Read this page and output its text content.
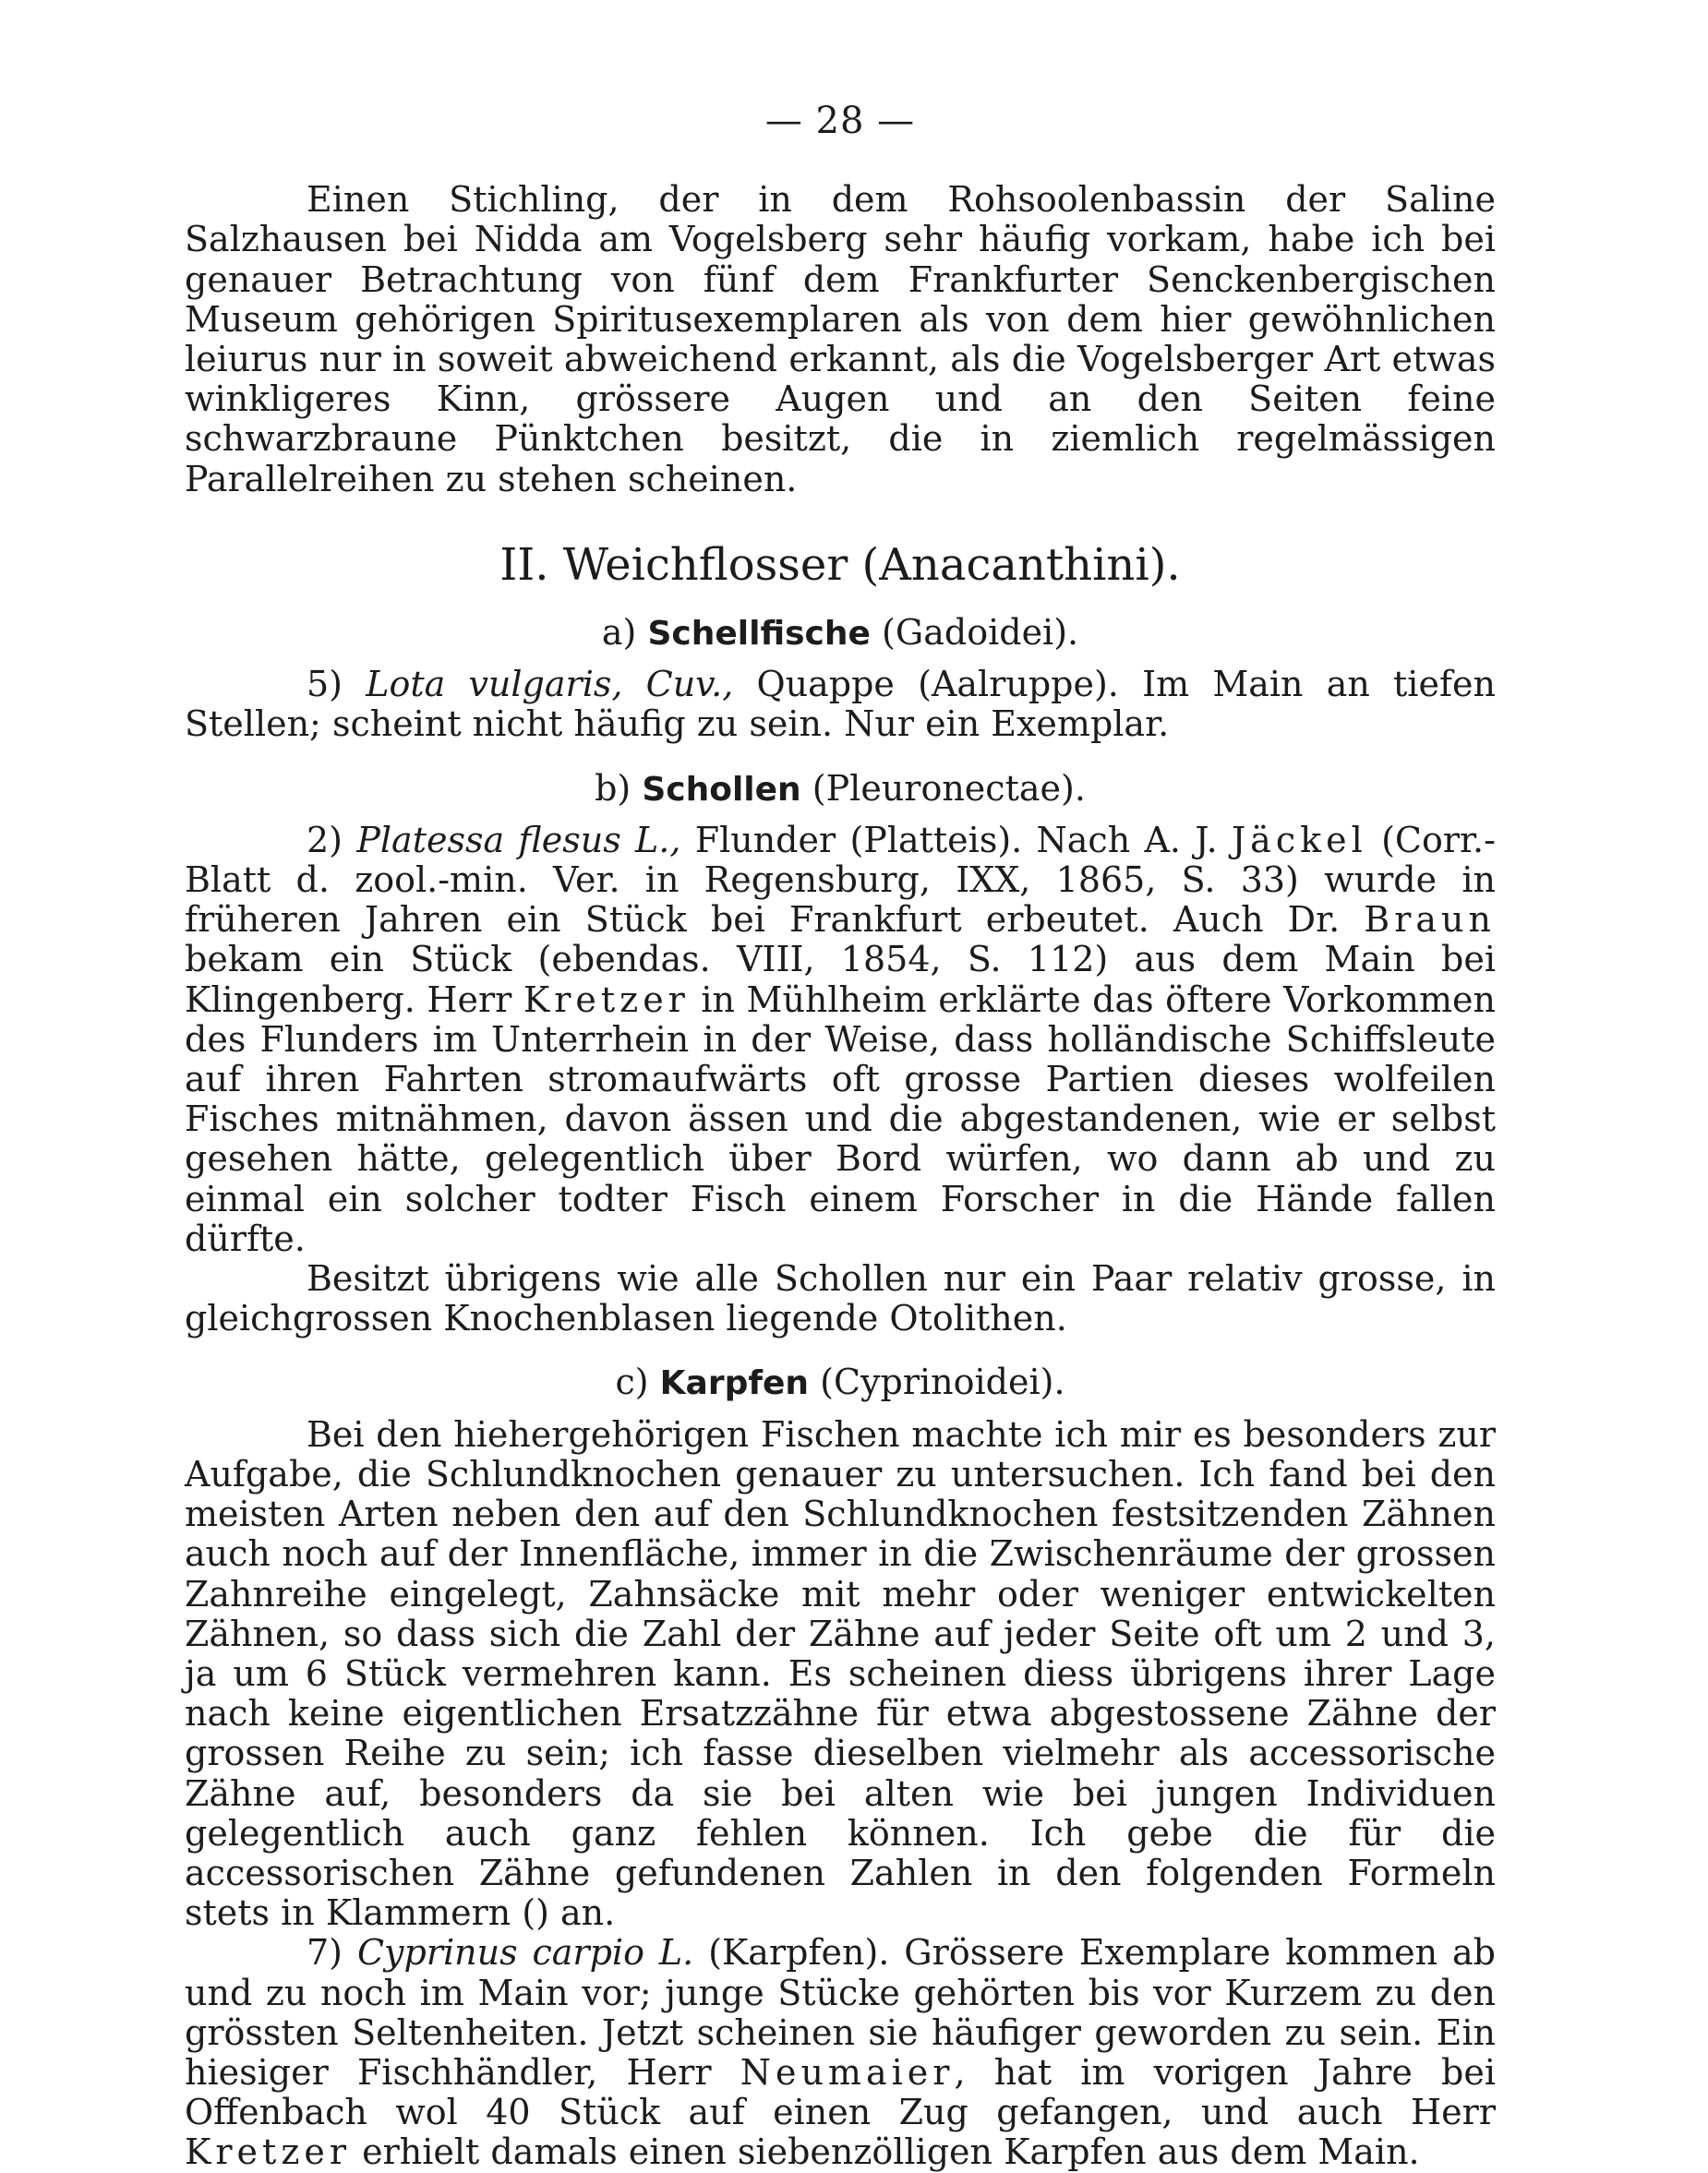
— 28 —

Einen Stichling, der in dem Rohsoolenbassin der Saline Salzhausen bei Nidda am Vogelsberg sehr häufig vorkam, habe ich bei genauer Betrachtung von fünf dem Frankfurter Senckenbergischen Museum gehörigen Spiritusexemplaren als von dem hier gewöhnlichen leiurus nur in soweit abweichend erkannt, als die Vogelsberger Art etwas winkligeres Kinn, grössere Augen und an den Seiten feine schwarzbraune Pünktchen besitzt, die in ziemlich regelmässigen Parallelreihen zu stehen scheinen.

II. Weichflosser (Anacanthini).
a) Schellfische (Gadoidei).

5) Lota vulgaris, Cuv., Quappe (Aalruppe). Im Main an tiefen Stellen; scheint nicht häufig zu sein. Nur ein Exemplar.

b) Schollen (Pleuronectae).

2) Platessa flesus L., Flunder (Platteis). Nach A. J. Jäckel (Corr.-Blatt d. zool.-min. Ver. in Regensburg, IXX, 1865, S. 33) wurde in früheren Jahren ein Stück bei Frankfurt erbeutet. Auch Dr. Braun bekam ein Stück (ebendas. VIII, 1854, S. 112) aus dem Main bei Klingenberg. Herr Kretzer in Mühlheim erklärte das öftere Vorkommen des Flunders im Unterrhein in der Weise, dass holländische Schiffsleute auf ihren Fahrten stromaufwärts oft grosse Partien dieses wolfeilen Fisches mitnähmen, davon ässen und die abgestandenen, wie er selbst gesehen hätte, gelegentlich über Bord würfen, wo dann ab und zu einmal ein solcher todter Fisch einem Forscher in die Hände fallen dürfte.

Besitzt übrigens wie alle Schollen nur ein Paar relativ grosse, in gleichgrossen Knochenblasen liegende Otolithen.

c) Karpfen (Cyprinoidei).

Bei den hiehergehörigen Fischen machte ich mir es besonders zur Aufgabe, die Schlundknochen genauer zu untersuchen. Ich fand bei den meisten Arten neben den auf den Schlundknochen festsitzenden Zähnen auch noch auf der Innenfläche, immer in die Zwischenräume der grossen Zahnreihe eingelegt, Zahnsäcke mit mehr oder weniger entwickelten Zähnen, so dass sich die Zahl der Zähne auf jeder Seite oft um 2 und 3, ja um 6 Stück vermehren kann. Es scheinen diess übrigens ihrer Lage nach keine eigentlichen Ersatzzähne für etwa abgestossene Zähne der grossen Reihe zu sein; ich fasse dieselben vielmehr als accessorische Zähne auf, besonders da sie bei alten wie bei jungen Individuen gelegentlich auch ganz fehlen können. Ich gebe die für die accessorischen Zähne gefundenen Zahlen in den folgenden Formeln stets in Klammern () an.

7) Cyprinus carpio L. (Karpfen). Grössere Exemplare kommen ab und zu noch im Main vor; junge Stücke gehörten bis vor Kurzem zu den grössten Seltenheiten. Jetzt scheinen sie häufiger geworden zu sein. Ein hiesiger Fischhändler, Herr Neumaier, hat im vorigen Jahre bei Offenbach wol 40 Stück auf einen Zug gefangen, und auch Herr Kretzer erhielt damals einen siebenzölligen Karpfen aus dem Main.
